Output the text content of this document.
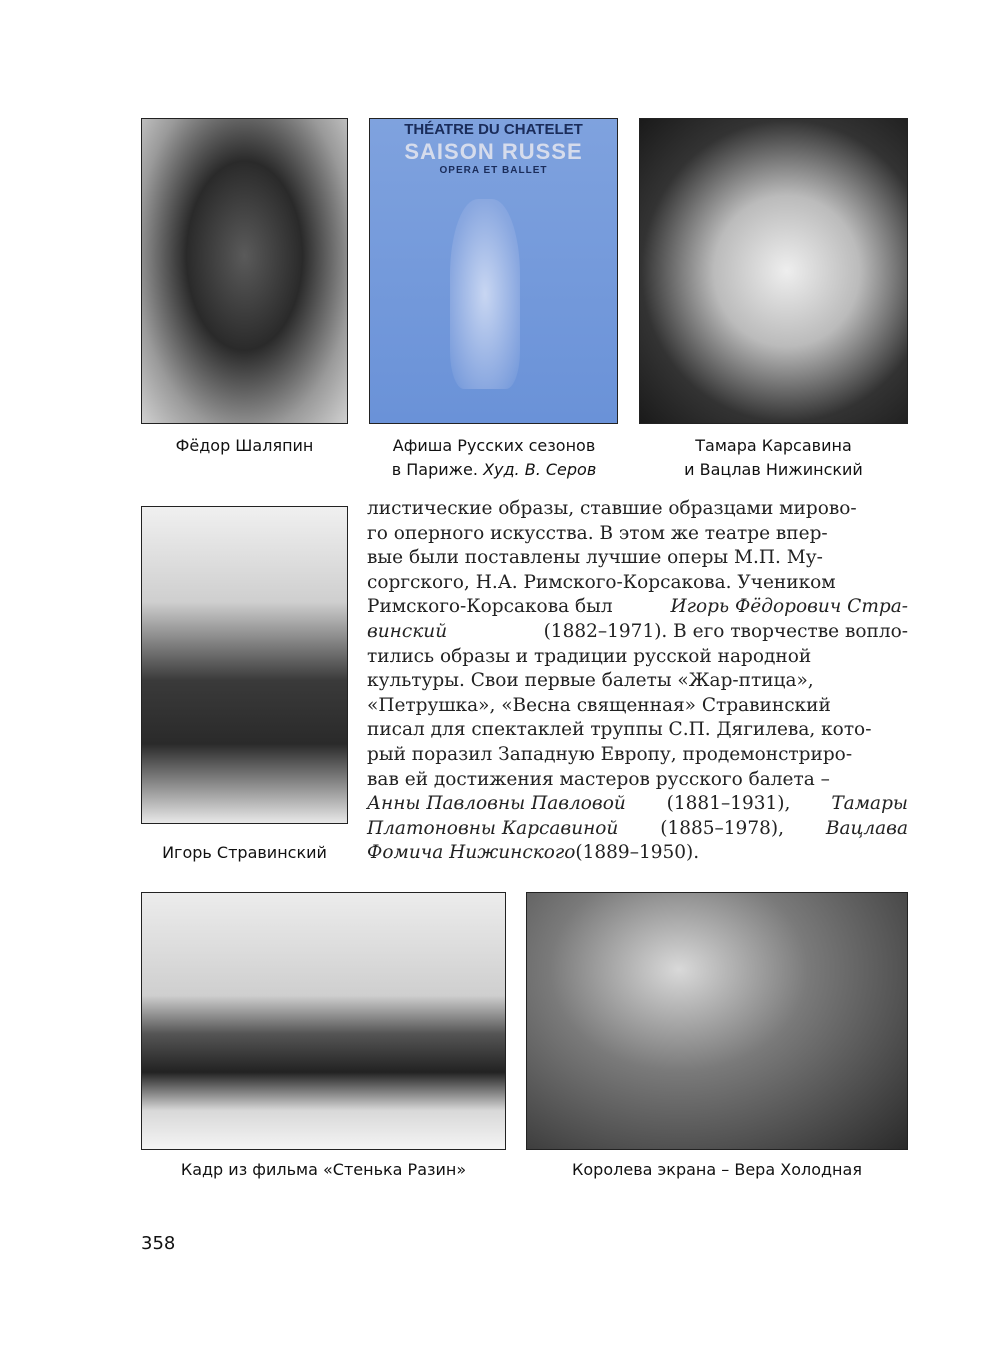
THÉATRE DU CHATELET
SAISON RUSSE
OPERA ET BALLET
Фёдор Шаляпин	Афиша Русских сезонов
в Париже. Худ. В. Серов
Тамара Карсавина
и Вацлав Нижинский
Игорь Стравинский
листические образы, ставшие образцами мирово-
го оперного искусства. В этом же театре впер-
вые были поставлены лучшие оперы М.П. Му-
соргского, Н.А. Римского-Корсакова. Учеником
Римского-Корсакова был	Игорь Фёдорович Стра-
винский	(1882–1971). В его творчестве вопло-
тились образы и традиции русской народной
культуры. Свои первые балеты «Жар-птица»,
«Петрушка», «Весна священная» Стравинский
писал для спектаклей труппы С.П. Дягилева, кото-
рый поразил Западную Европу, продемонстриро-
вав ей достижения мастеров русского балета –
Анны Павловны Павловой (1881–1931), Тамары
Платоновны Карсавиной (1885–1978), Вацлава
Фомича Нижинского (1889–1950).
Кадр из фильма «Стенька Разин»	Королева экрана – Вера Холодная
358
